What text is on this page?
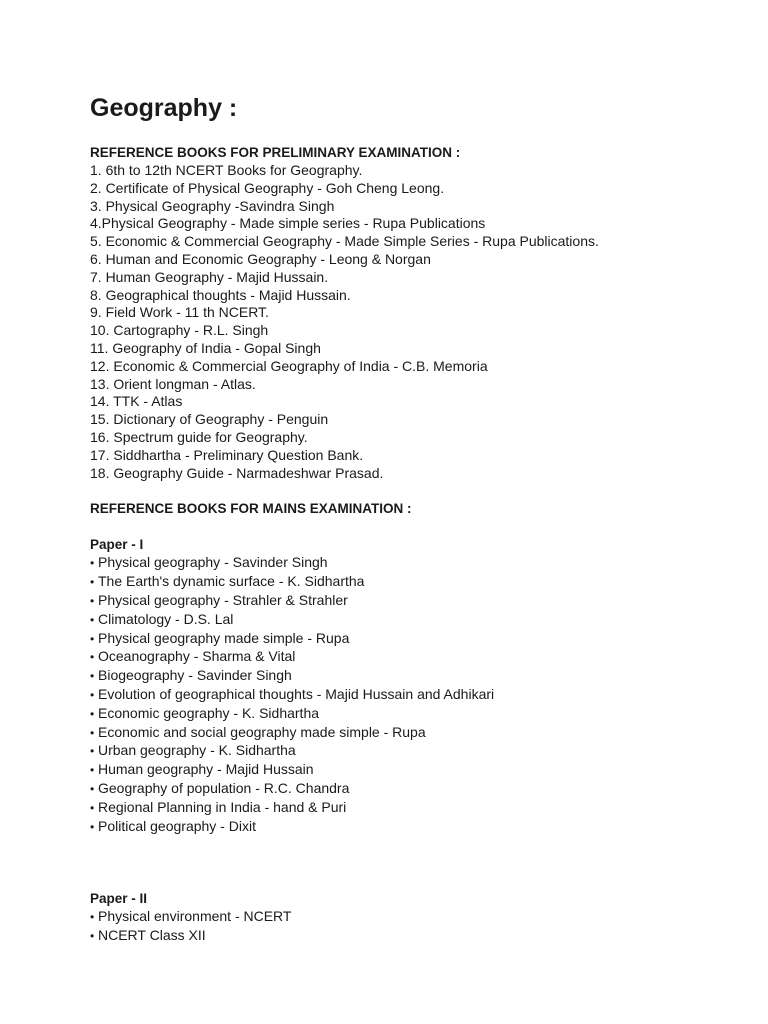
Geography :
REFERENCE BOOKS FOR PRELIMINARY EXAMINATION :
1. 6th to 12th NCERT Books for Geography.
2. Certificate of Physical Geography - Goh Cheng Leong.
3. Physical Geography -Savindra Singh
4.Physical Geography - Made simple series - Rupa Publications
5. Economic & Commercial Geography - Made Simple Series - Rupa Publications.
6. Human and Economic Geography - Leong & Norgan
7. Human Geography - Majid Hussain.
8. Geographical thoughts - Majid Hussain.
9. Field Work - 11 th NCERT.
10. Cartography - R.L. Singh
11. Geography of India - Gopal Singh
12. Economic & Commercial Geography of India - C.B. Memoria
13. Orient longman - Atlas.
14. TTK - Atlas
15. Dictionary of Geography - Penguin
16. Spectrum guide for Geography.
17. Siddhartha - Preliminary Question Bank.
18. Geography Guide - Narmadeshwar Prasad.
REFERENCE BOOKS FOR MAINS EXAMINATION :
Paper - I
• Physical geography - Savinder Singh
• The Earth's dynamic surface - K. Sidhartha
• Physical geography - Strahler & Strahler
• Climatology - D.S. Lal
• Physical geography made simple - Rupa
• Oceanography - Sharma & Vital
• Biogeography - Savinder Singh
• Evolution of geographical thoughts - Majid Hussain and Adhikari
• Economic geography - K. Sidhartha
• Economic and social geography made simple - Rupa
• Urban geography - K. Sidhartha
• Human geography - Majid Hussain
• Geography of population - R.C. Chandra
• Regional Planning in India - hand & Puri
• Political geography - Dixit
Paper - II
• Physical environment - NCERT
• NCERT Class XII
